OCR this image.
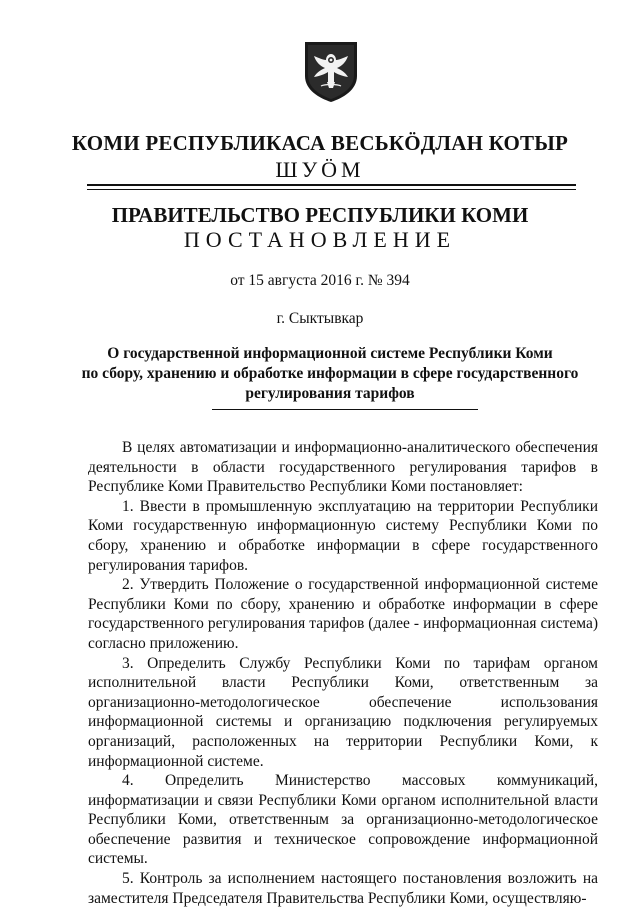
КОМИ РЕСПУБЛИКАСА ВЕСЬКÖДЛАН КОТЫР
ШУÖМ
ПРАВИТЕЛЬСТВО РЕСПУБЛИКИ КОМИ
ПОСТАНОВЛЕНИЕ
от 15 августа 2016 г. № 394
г. Сыктывкар
О государственной информационной системе Республики Коми
по сбору, хранению и обработке информации в сфере государственного
регулирования тарифов

В целях автоматизации и информационно-аналитического обеспечения деятельности в области государственного регулирования тарифов в Республике Коми Правительство Республики Коми постановляет:

1. Ввести в промышленную эксплуатацию на территории Республики Коми государственную информационную систему Республики Коми по сбору, хранению и обработке информации в сфере государственного регулирования тарифов.

2. Утвердить Положение о государственной информационной системе Республики Коми по сбору, хранению и обработке информации в сфере государственного регулирования тарифов (далее - информационная система) согласно приложению.

3. Определить Службу Республики Коми по тарифам органом исполнительной власти Республики Коми, ответственным за организационно-методологическое обеспечение использования информационной системы и организацию подключения регулируемых организаций, расположенных на территории Республики Коми, к информационной системе.

4. Определить Министерство массовых коммуникаций, информатизации и связи Республики Коми органом исполнительной власти Республики Коми, ответственным за организационно-методологическое обеспечение развития и техническое сопровождение информационной системы.

5. Контроль за исполнением настоящего постановления возложить на заместителя Председателя Правительства Республики Коми, осуществляю-
